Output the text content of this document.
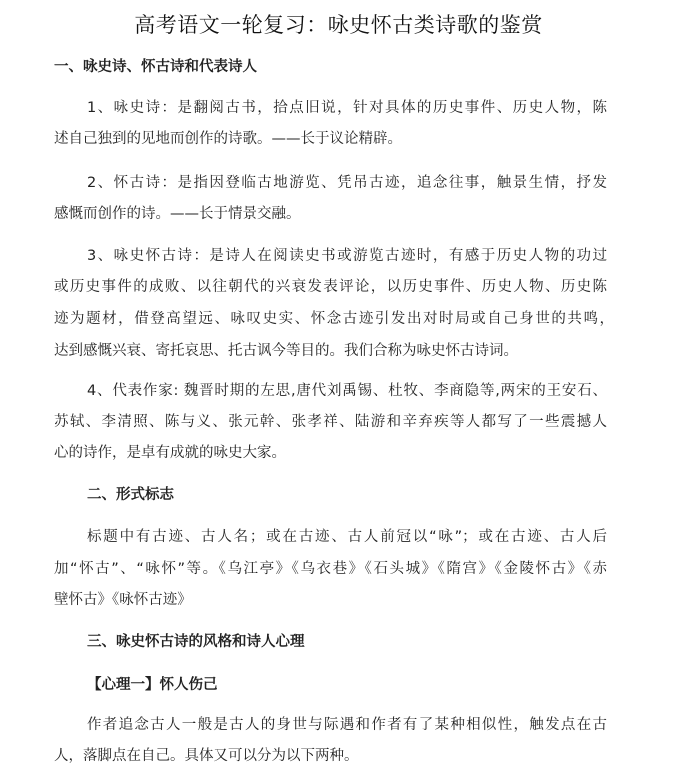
高考语文一轮复习：咏史怀古类诗歌的鉴赏
一、咏史诗、怀古诗和代表诗人
1、咏史诗：是翻阅古书，拾点旧说，针对具体的历史事件、历史人物，陈
述自己独到的见地而创作的诗歌。——长于议论精辟。
2、怀古诗：是指因登临古地游览、凭吊古迹，追念往事，触景生情，抒发
感慨而创作的诗。——长于情景交融。
3、咏史怀古诗：是诗人在阅读史书或游览古迹时，有感于历史人物的功过
或历史事件的成败、以往朝代的兴衰发表评论，以历史事件、历史人物、历史陈
迹为题材，借登高望远、咏叹史实、怀念古迹引发出对时局或自己身世的共鸣，
达到感慨兴衰、寄托哀思、托古讽今等目的。我们合称为咏史怀古诗词。
4、代表作家: 魏晋时期的左思,唐代刘禹锡、杜牧、李商隐等,两宋的王安石、
苏轼、李清照、陈与义、张元幹、张孝祥、陆游和辛弃疾等人都写了一些震撼人
心的诗作，是卓有成就的咏史大家。
二、形式标志
标题中有古迹、古人名；或在古迹、古人前冠以“咏”；或在古迹、古人后
加“怀古”、“咏怀”等。《乌江亭》《乌衣巷》《石头城》《隋宫》《金陵怀古》《赤
壁怀古》《咏怀古迹》
三、咏史怀古诗的风格和诗人心理
【心理一】怀人伤己
作者追念古人一般是古人的身世与际遇和作者有了某种相似性，触发点在古
人，落脚点在自己。具体又可以分为以下两种。
